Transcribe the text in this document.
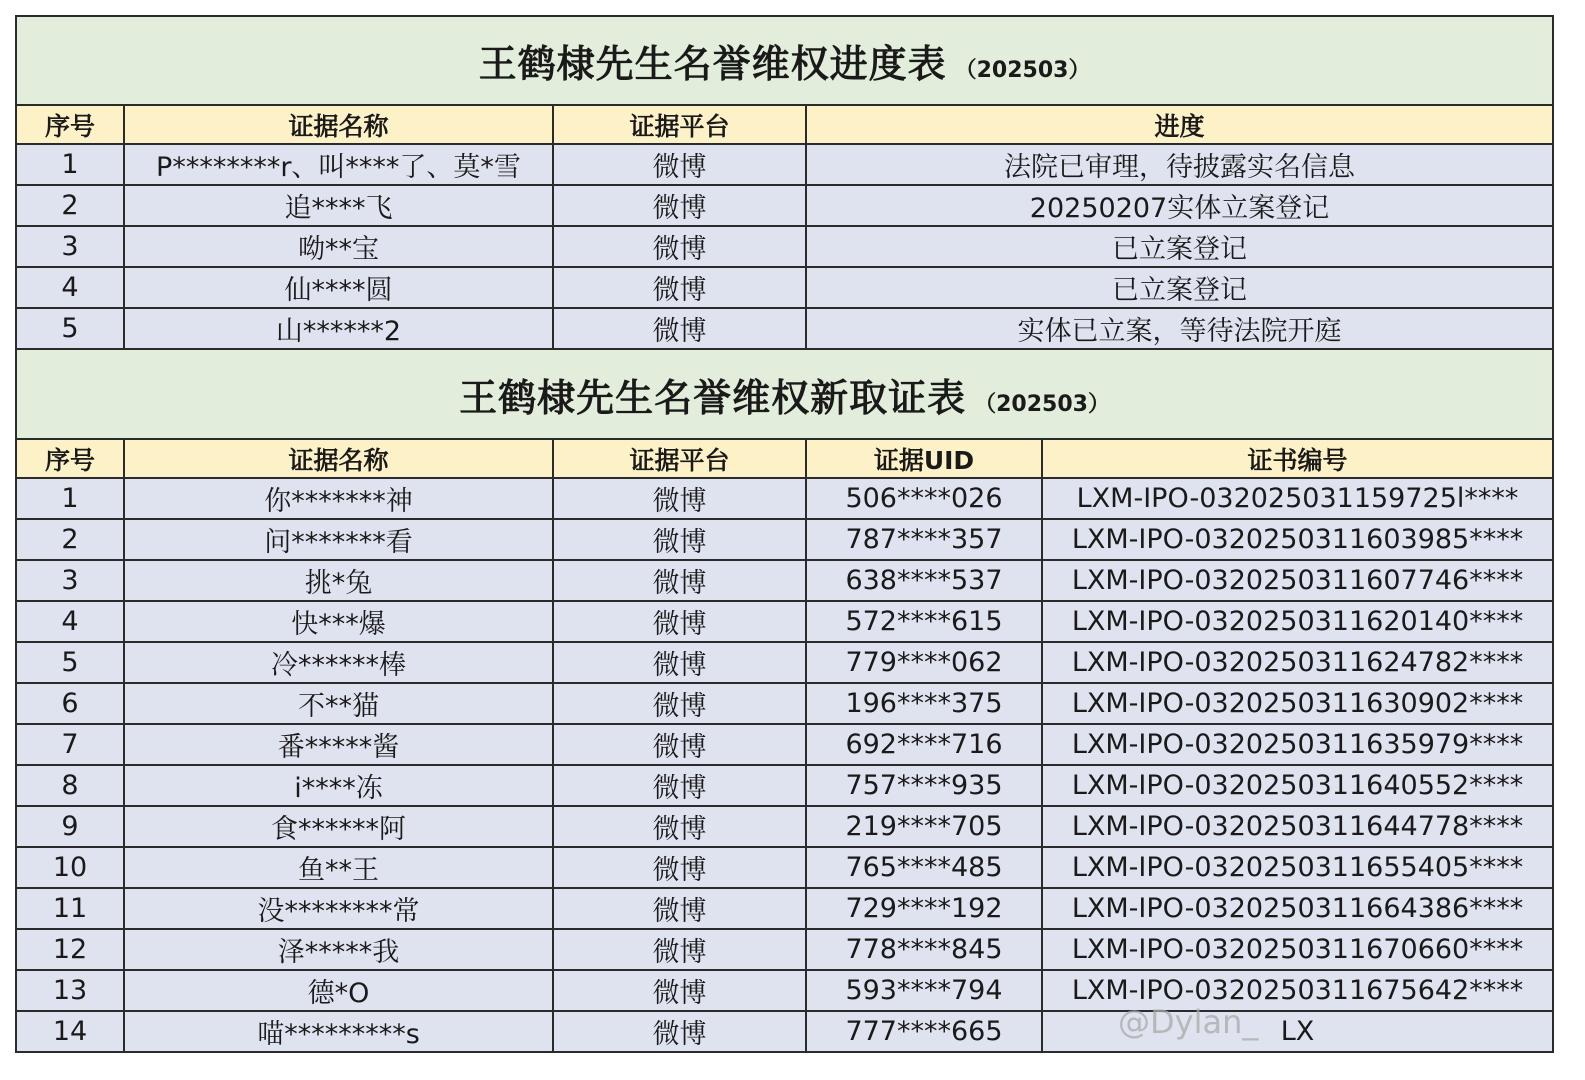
王鹤棣先生名誉维权进度表 （202503）				
序号	证据名称	证据平台	进度	
1	P********r、叫****了、莫*雪	微博	法院已审理，待披露实名信息	
2	追****飞	微博	20250207实体立案登记	
3	呦**宝	微博	已立案登记	
4	仙****圆	微博	已立案登记	
5	山******2	微博	实体已立案，等待法院开庭	
王鹤棣先生名誉维权新取证表 （202503）				
序号	证据名称	证据平台	证据UID	证书编号
1	你*******神	微博	506****026	LXM-IPO-032025031159725l****
2	问*******看	微博	787****357	LXM-IPO-0320250311603985****
3	挑*兔	微博	638****537	LXM-IPO-0320250311607746****
4	快***爆	微博	572****615	LXM-IPO-0320250311620140****
5	冷******棒	微博	779****062	LXM-IPO-0320250311624782****
6	不**猫	微博	196****375	LXM-IPO-0320250311630902****
7	番*****酱	微博	692****716	LXM-IPO-0320250311635979****
8	i****冻	微博	757****935	LXM-IPO-0320250311640552****
9	食******阿	微博	219****705	LXM-IPO-0320250311644778****
10	鱼**王	微博	765****485	LXM-IPO-0320250311655405****
11	没********常	微博	729****192	LXM-IPO-0320250311664386****
12	泽*****我	微博	778****845	LXM-IPO-0320250311670660****
13	德*O	微博	593****794	LXM-IPO-0320250311675642****
14	喵*********s	微博	777****665	LX
@Dylan_
